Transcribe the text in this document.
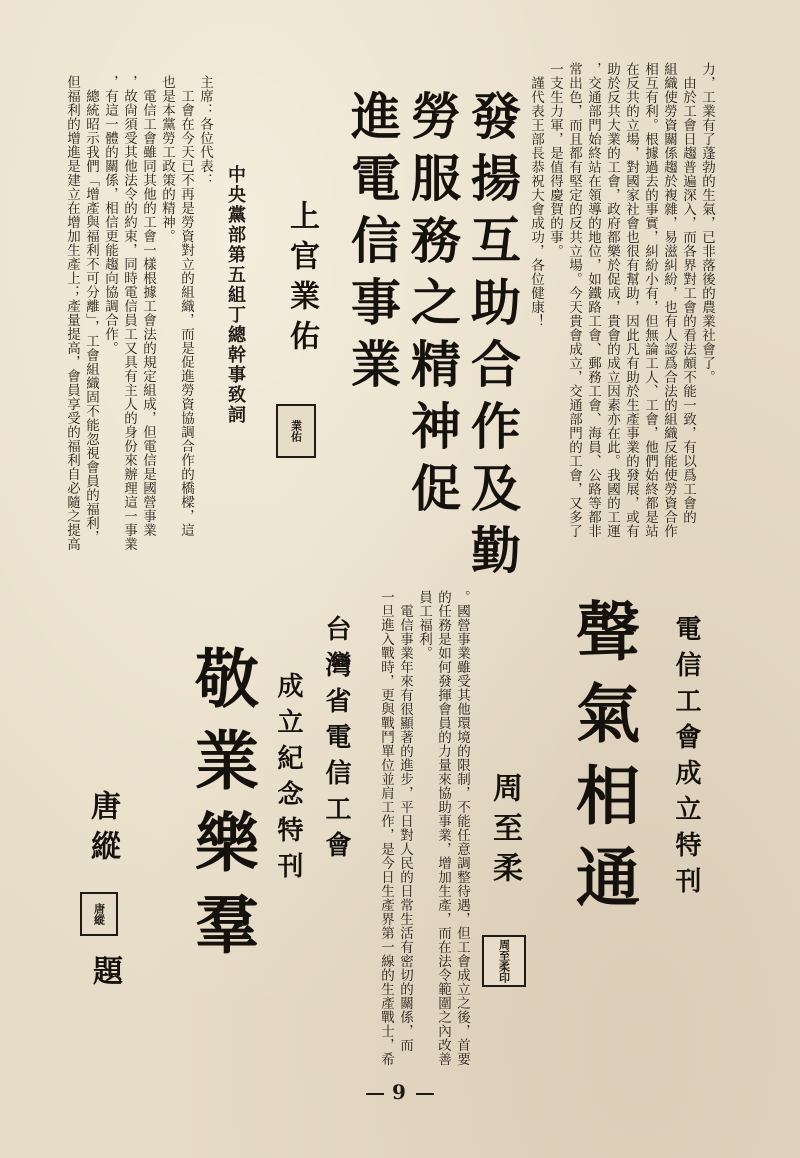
力，工業有了蓬勃的生氣，已非落後的農業社會了。
　由於工會日趨普遍深入，而各界對工會的看法頗不能一致，有以爲工會的
組織使勞資關係趨於複雜，易滋糾紛，也有人認爲合法的組織反能使勞資合作
相互有利。根據過去的事實，糾紛小有，但無論工人、工會，他們始終都是站
在反共的立場，對國家社會也很有幫助，因此凡有助於生產事業的發展，或有
助於反共大業的工會，政府都樂於促成，貴會的成立因素亦在此。我國的工運
，交通部門始終站在領導的地位，如鐵路工會、郵務工會、海員、公路等都非
常出色，而且都有堅定的反共立場。今天貴會成立，交通部門的工會，又多了
一支生力軍，是值得慶賀的事。
　謹代表王部長恭祝大會成功，各位健康！
發揚互助合作及勤
勞服務之精神促
進電信事業
上官業佑
業佑
中央黨部第五組丁總幹事致詞
主席：各位代表：
　工會在今天已不再是勞資對立的組織，而是促進勞資協調合作的橋樑，這
也是本黨勞工政策的精神。
　電信工會雖同其他的工會一樣根據工會法的規定組成，但電信是國營事業
，故尙須受其他法令的約束，同時電信員工又具有主人的身份來辦理這一事業
，有這一體的關係，相信更能趨向協調合作。
　總統昭示我們「增產與福利不可分離」，工會組織固不能忽視會員的福利，
但福利的增進是建立在增加生產上；產量提高，會員享受的福利自必隨之提高
電信工會成立特刊
聲氣相通
周至柔
周至柔印
。國營事業雖受其他環境的限制，不能任意調整待遇，但工會成立之後，首要
的任務是如何發揮會員的力量來協助事業，增加生產，而在法令範圍之內改善
員工福利。
　電信事業年來有很顯著的進步，平日對人民的日常生活有密切的關係，而
一旦進入戰時，更與戰鬥單位並肩工作，是今日生產界第一線的生產戰士，希
台灣省電信工會
成立紀念特刊
敬業樂羣
唐縱
唐縱
題
9
